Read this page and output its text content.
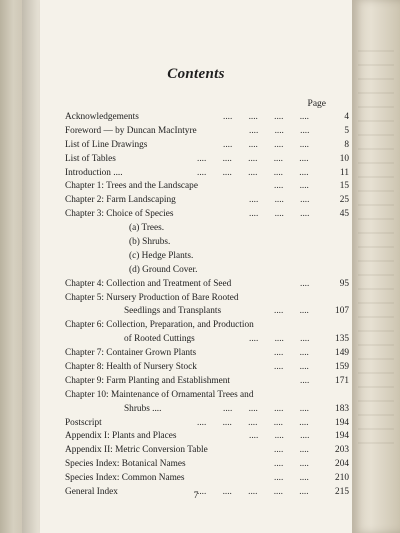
Contents
Page
Acknowledgements	....       ....       ....       ....	4
Foreword — by Duncan MacIntyre	....       ....       ....	5
List of Line Drawings	....       ....       ....       ....	8
List of Tables	....       ....       ....       ....       ....	10
Introduction ....	....       ....       ....       ....       ....	11
Chapter 1: Trees and the Landscape	....       ....	15
Chapter 2: Farm Landscaping	....       ....       ....	25
Chapter 3: Choice of Species	....       ....       ....	45
(a) Trees.
(b) Shrubs.
(c) Hedge Plants.
(d) Ground Cover.
Chapter 4: Collection and Treatment of Seed	....	95
Chapter 5: Nursery Production of Bare Rooted
Seedlings and Transplants	....       ....	107
Chapter 6: Collection, Preparation, and Production
of Rooted Cuttings	....       ....       ....	135
Chapter 7: Container Grown Plants	....       ....	149
Chapter 8: Health of Nursery Stock	....       ....	159
Chapter 9: Farm Planting and Establishment	....	171
Chapter 10: Maintenance of Ornamental Trees and
Shrubs ....	....       ....       ....       ....	183
Postscript	....       ....       ....       ....       ....	194
Appendix I: Plants and Places	....       ....       ....	194
Appendix II: Metric Conversion Table	....       ....	203
Species Index: Botanical Names	....       ....	204
Species Index: Common Names	....       ....	210
General Index	....       ....       ....       ....       ....	215
7
